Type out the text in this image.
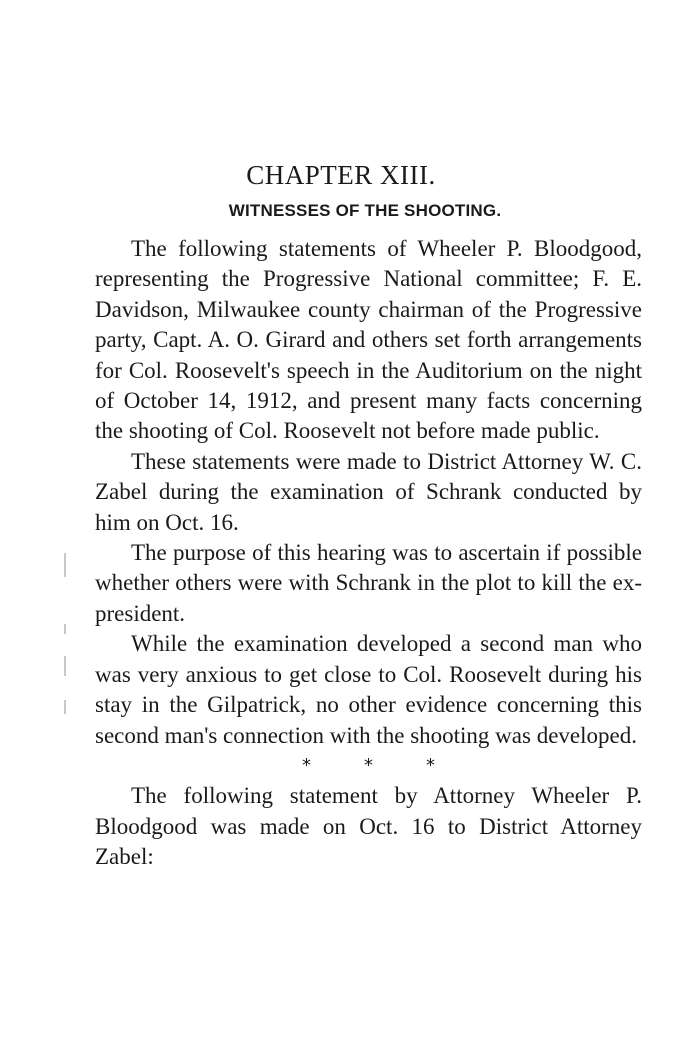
CHAPTER XIII.
WITNESSES OF THE SHOOTING.

The following statements of Wheeler P. Bloodgood, representing the Progressive National committee; F. E. Davidson, Milwaukee county chairman of the Progressive party, Capt. A. O. Girard and others set forth arrangements for Col. Roosevelt's speech in the Auditorium on the night of October 14, 1912, and present many facts concerning the shooting of Col. Roosevelt not before made public.

These statements were made to District Attorney W. C. Zabel during the examination of Schrank conducted by him on Oct. 16.

The purpose of this hearing was to ascertain if possible whether others were with Schrank in the plot to kill the ex-president.

While the examination developed a second man who was very anxious to get close to Col. Roosevelt during his stay in the Gilpatrick, no other evidence concerning this second man's connection with the shooting was developed.

*	*	*

The following statement by Attorney Wheeler P. Bloodgood was made on Oct. 16 to District Attorney Zabel:
